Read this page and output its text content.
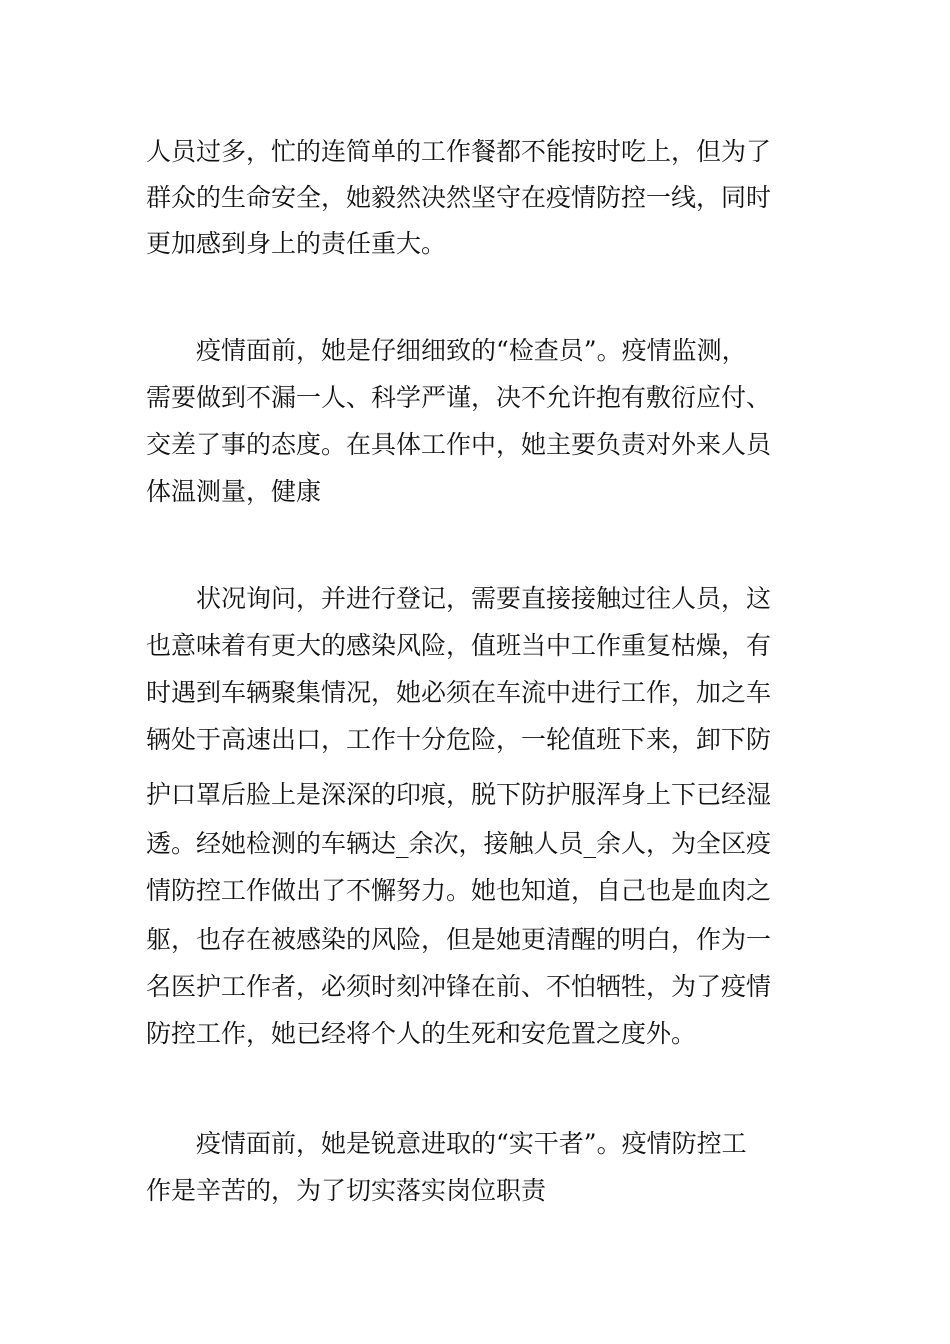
人员过多，忙的连简单的工作餐都不能按时吃上，但为了
群众的生命安全，她毅然决然坚守在疫情防控一线，同时
更加感到身上的责任重大。
疫情面前，她是仔细细致的“检查员”。疫情监测，
需要做到不漏一人、科学严谨，决不允许抱有敷衍应付、
交差了事的态度。在具体工作中，她主要负责对外来人员
体温测量，健康
状况询问，并进行登记，需要直接接触过往人员，这
也意味着有更大的感染风险，值班当中工作重复枯燥，有
时遇到车辆聚集情况，她必须在车流中进行工作，加之车
辆处于高速出口，工作十分危险，一轮值班下来，卸下防
护口罩后脸上是深深的印痕，脱下防护服浑身上下已经湿
透。经她检测的车辆达_余次，接触人员_余人，为全区疫
情防控工作做出了不懈努力。她也知道，自己也是血肉之
躯，也存在被感染的风险，但是她更清醒的明白，作为一
名医护工作者，必须时刻冲锋在前、不怕牺牲，为了疫情
防控工作，她已经将个人的生死和安危置之度外。
疫情面前，她是锐意进取的“实干者”。疫情防控工
作是辛苦的，为了切实落实岗位职责
